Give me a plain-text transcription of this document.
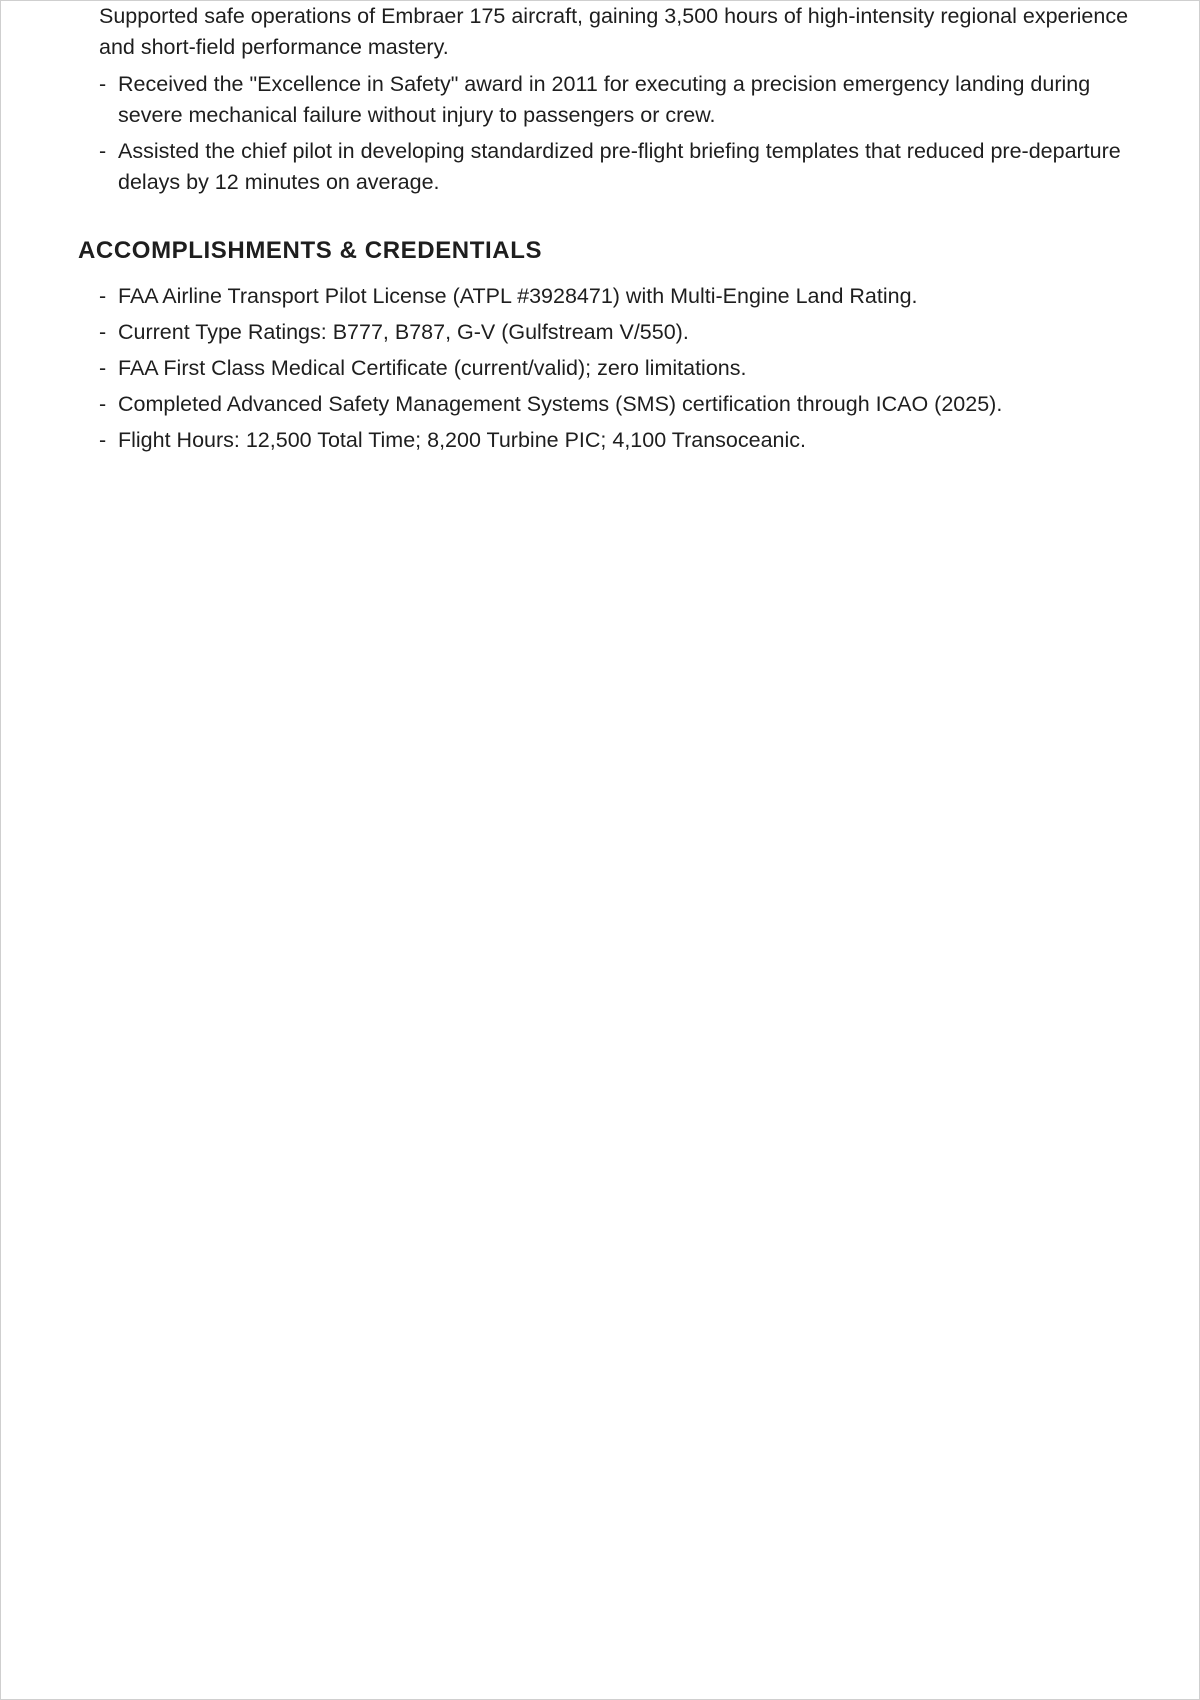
Supported safe operations of Embraer 175 aircraft, gaining 3,500 hours of high-intensity regional experience and short-field performance mastery.

- Received the "Excellence in Safety" award in 2011 for executing a precision emergency landing during severe mechanical failure without injury to passengers or crew.
- Assisted the chief pilot in developing standardized pre-flight briefing templates that reduced pre-departure delays by 12 minutes on average.
ACCOMPLISHMENTS & CREDENTIALS
- FAA Airline Transport Pilot License (ATPL #3928471) with Multi-Engine Land Rating.
- Current Type Ratings: B777, B787, G-V (Gulfstream V/550).
- FAA First Class Medical Certificate (current/valid); zero limitations.
- Completed Advanced Safety Management Systems (SMS) certification through ICAO (2025).
- Flight Hours: 12,500 Total Time; 8,200 Turbine PIC; 4,100 Transoceanic.
